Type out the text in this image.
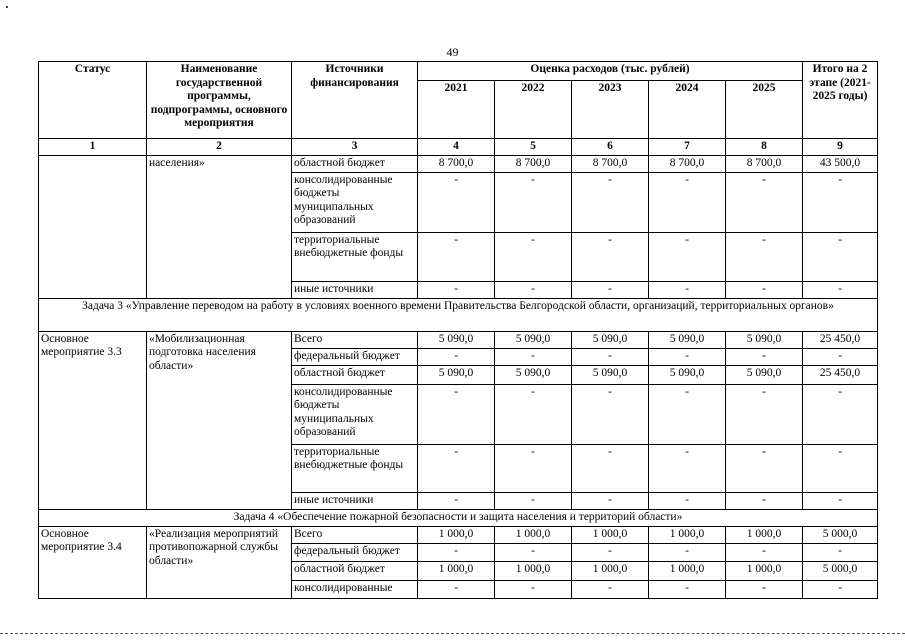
49
Статус	Наименование государственной программы, подпрограммы, основного мероприятия	Источники финансирования	Оценка расходов (тыс. рублей)					Итого на 2 этапе (2021-2025 годы)
			2021	2022	2023	2024	2025	
1	2	3	4	5	6	7	8	9
	населения»	областной бюджет	8 700,0	8 700,0	8 700,0	8 700,0	8 700,0	43 500,0
		консолидированные бюджеты муниципальных образований	-	-	-	-	-	-
		территориальные внебюджетные фонды	-	-	-	-	-	-
		иные источники	-	-	-	-	-	-
Задача 3 «Управление переводом на работу в условиях военного времени Правительства Белгородской области, организаций, территориальных органов»								
Основное мероприятие 3.3	«Мобилизационная подготовка населения области»	Всего	5 090,0	5 090,0	5 090,0	5 090,0	5 090,0	25 450,0
		федеральный бюджет	-	-	-	-	-	-
		областной бюджет	5 090,0	5 090,0	5 090,0	5 090,0	5 090,0	25 450,0
		консолидированные бюджеты муниципальных образований	-	-	-	-	-	-
		территориальные внебюджетные фонды	-	-	-	-	-	-
		иные источники	-	-	-	-	-	-
Задача 4 «Обеспечение пожарной безопасности и защита населения и территорий области»								
Основное мероприятие 3.4	«Реализация мероприятий противопожарной службы области»	Всего	1 000,0	1 000,0	1 000,0	1 000,0	1 000,0	5 000,0
		федеральный бюджет	-	-	-	-	-	-
		областной бюджет	1 000,0	1 000,0	1 000,0	1 000,0	1 000,0	5 000,0
		консолидированные	-	-	-	-	-	-
